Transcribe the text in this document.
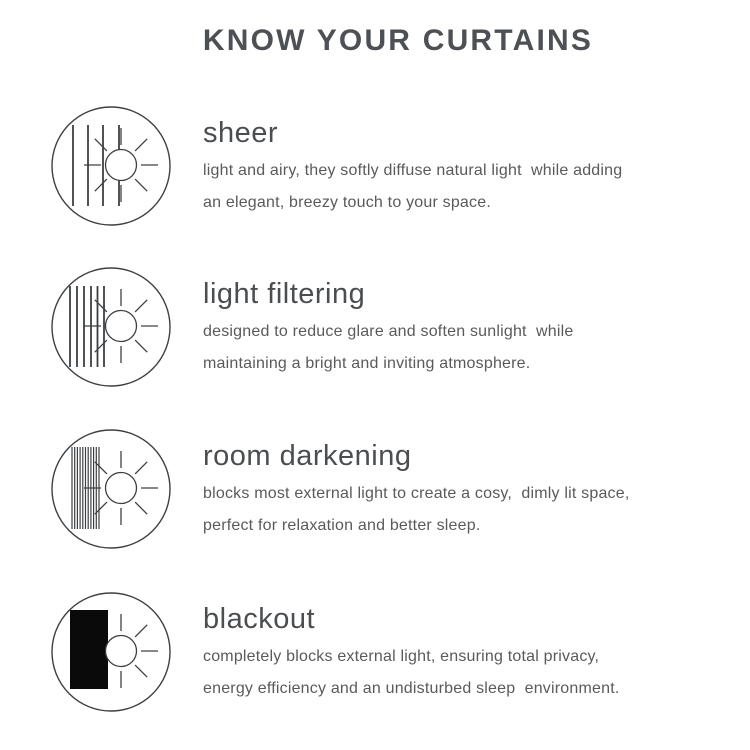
KNOW YOUR CURTAINS
sheer
light and airy, they softly diffuse natural light  while adding
an elegant, breezy touch to your space.
light filtering
designed to reduce glare and soften sunlight  while
maintaining a bright and inviting atmosphere.
room darkening
blocks most external light to create a cosy,  dimly lit space,
perfect for relaxation and better sleep.
blackout
completely blocks external light, ensuring total privacy,
energy efficiency and an undisturbed sleep  environment.
